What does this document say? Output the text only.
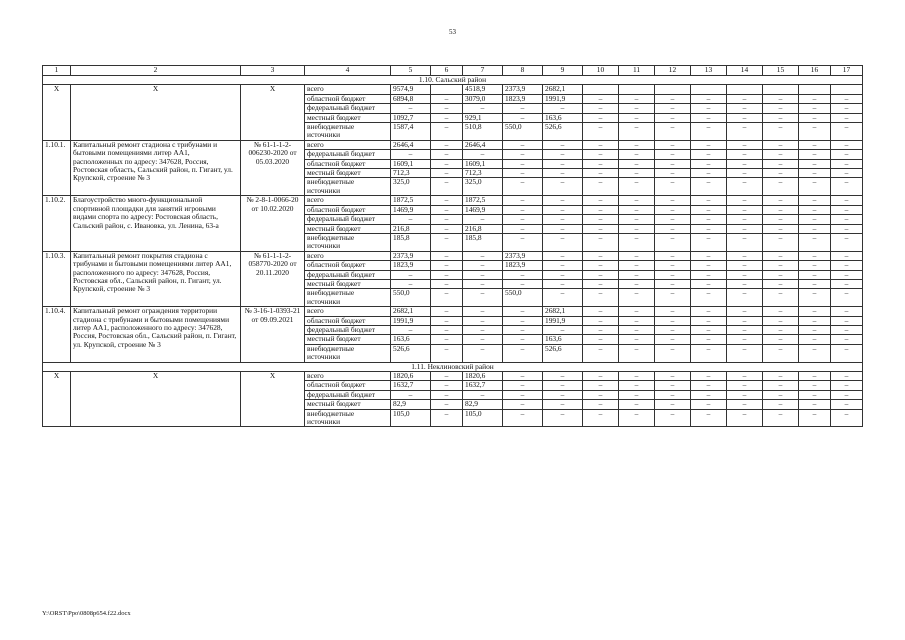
53
1	2	3	4	5	6	7	8	9	10	11	12	13	14	15	16	17
1.10. Сальский район																
X	X	X	всего	9574,9		4518,9	2373,9	2682,1								
			областной бюджет	6894,8	–	3079,0	1823,9	1991,9	–	–	–	–	–	–	–	–
			федеральный бюджет	–	–	–	–	–	–	–	–	–	–	–	–	–
			местный бюджет	1092,7	–	929,1	–	163,6	–	–	–	–	–	–	–	–
			внебюджетные источники	1587,4	–	510,8	550,0	526,6	–	–	–	–	–	–	–	–
1.10.1.	Капитальный ремонт стадиона с трибунами и бытовыми помещениями литер АА1, расположенных по адресу: 347628, Россия, Ростовская область, Сальский район, п. Гигант, ул. Крупской, строение № 3	№ 61-1-1-2-006230-2020 от 05.03.2020	всего	2646,4	–	2646,4	–	–	–	–	–	–	–	–	–	–
			федеральный бюджет	–	–	–	–	–	–	–	–	–	–	–	–	–
			областной бюджет	1609,1	–	1609,1	–	–	–	–	–	–	–	–	–	–
			местный бюджет	712,3	–	712,3	–	–	–	–	–	–	–	–	–	–
			внебюджетные источники	325,0	–	325,0	–	–	–	–	–	–	–	–	–	–
1.10.2.	Благоустройство много-функциональной спортивной площадки для занятий игровыми видами спорта по адресу: Ростовская область, Сальский район, с. Ивановка, ул. Ленина, 63-а	№ 2-8-1-0066-20 от 10.02.2020	всего	1872,5	–	1872,5	–	–	–	–	–	–	–	–	–	–
			областной бюджет	1469,9	–	1469,9	–	–	–	–	–	–	–	–	–	–
			федеральный бюджет	–	–	–	–	–	–	–	–	–	–	–	–	–
			местный бюджет	216,8	–	216,8	–	–	–	–	–	–	–	–	–	–
			внебюджетные источники	185,8	–	185,8	–	–	–	–	–	–	–	–	–	–
1.10.3.	Капитальный ремонт покрытия стадиона с трибунами и бытовыми помещениями литер АА1, расположенного по адресу: 347628, Россия, Ростовская обл., Сальский район, п. Гигант, ул. Крупской, строение № 3	№ 61-1-1-2-058770-2020 от 20.11.2020	всего	2373,9	–	–	2373,9	–	–	–	–	–	–	–	–	–
			областной бюджет	1823,9	–	–	1823,9	–	–	–	–	–	–	–	–	–
			федеральный бюджет	–	–	–	–	–	–	–	–	–	–	–	–	–
			местный бюджет	–	–	–	–	–	–	–	–	–	–	–	–	–
			внебюджетные источники	550,0	–	–	550,0	–	–	–	–	–	–	–	–	–
1.10.4.	Капитальный ремонт ограждения территории стадиона с трибунами и бытовыми помещениями литер АА1, расположенного по адресу: 347628, Россия, Ростовская обл., Сальский район, п. Гигант, ул. Крупской, строение № 3	№ 3-16-1-0393-21 от 09.09.2021	всего	2682,1	–	–	–	2682,1	–	–	–	–	–	–	–	–
			областной бюджет	1991,9	–	–	–	1991,9	–	–	–	–	–	–	–	–
			федеральный бюджет	–	–	–	–	–	–	–	–	–	–	–	–	–
			местный бюджет	163,6	–	–	–	163,6	–	–	–	–	–	–	–	–
			внебюджетные источники	526,6	–	–	–	526,6	–	–	–	–	–	–	–	–
1.11. Неклиновский район																
X	X	X	всего	1820,6	–	1820,6	–	–	–	–	–	–	–	–	–	–
			областной бюджет	1632,7	–	1632,7	–	–	–	–	–	–	–	–	–	–
			федеральный бюджет	–	–	–	–	–	–	–	–	–	–	–	–	–
			местный бюджет	82,9	–	82,9	–	–	–	–	–	–	–	–	–	–
			внебюджетные источники	105,0	–	105,0	–	–	–	–	–	–	–	–	–	–
Y:\ORST\Ppo\0808p654.f22.docx
